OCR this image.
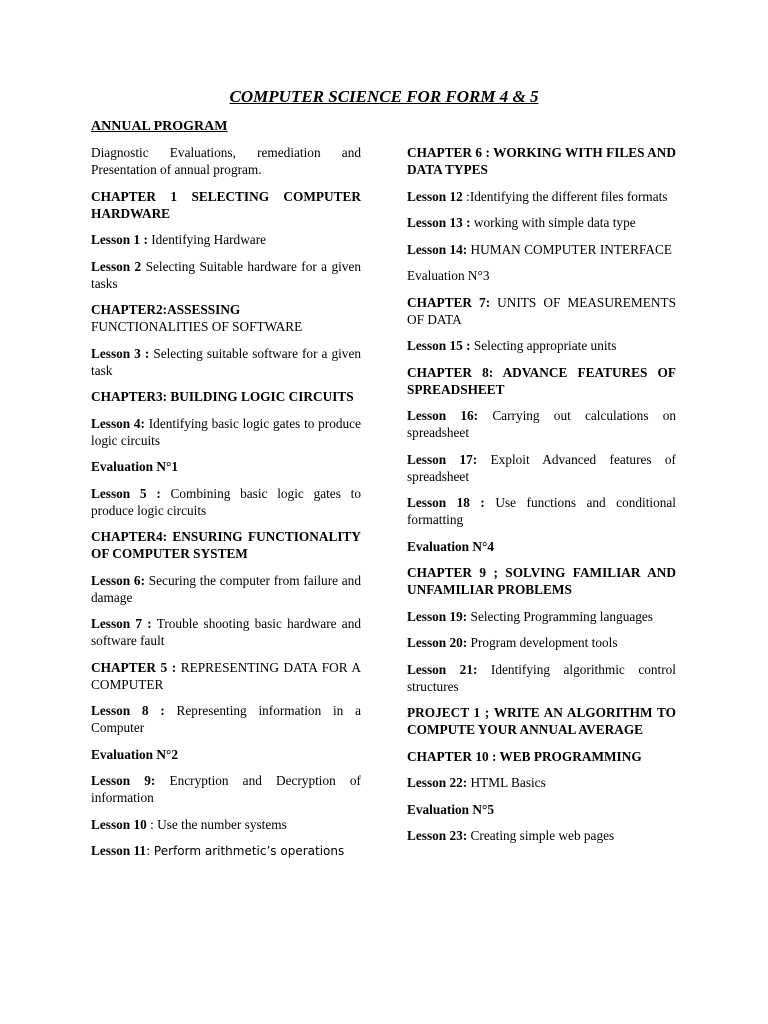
COMPUTER SCIENCE FOR FORM 4 & 5
ANNUAL PROGRAM

Diagnostic Evaluations, remediation and Presentation of annual program.

CHAPTER 1 SELECTING COMPUTER HARDWARE

Lesson 1 : Identifying Hardware

Lesson 2 Selecting Suitable hardware for a given tasks

CHAPTER2:ASSESSING FUNCTIONALITIES OF SOFTWARE

Lesson 3 : Selecting suitable software for a given task

CHAPTER3: BUILDING LOGIC CIRCUITS

Lesson 4: Identifying basic logic gates to produce logic circuits

Evaluation N°1

Lesson 5 : Combining basic logic gates to produce logic circuits

CHAPTER4: ENSURING FUNCTIONALITY OF COMPUTER SYSTEM

Lesson 6: Securing the computer from failure and damage

Lesson 7 : Trouble shooting basic hardware and software fault

CHAPTER 5 : REPRESENTING DATA FOR A COMPUTER

Lesson 8 : Representing information in a Computer

Evaluation N°2

Lesson 9: Encryption and Decryption of information

Lesson 10 : Use the number systems

Lesson 11: Perform arithmetic’s operations

CHAPTER 6 : WORKING WITH FILES AND DATA TYPES

Lesson 12 :Identifying the different files formats

Lesson 13 : working with simple data type

Lesson 14: HUMAN COMPUTER INTERFACE

Evaluation N°3

CHAPTER 7: UNITS OF MEASUREMENTS OF DATA

Lesson 15 : Selecting appropriate units

CHAPTER 8: ADVANCE FEATURES OF SPREADSHEET

Lesson 16: Carrying out calculations on spreadsheet

Lesson 17: Exploit Advanced features of spreadsheet

Lesson 18 : Use functions and conditional formatting

Evaluation N°4

CHAPTER 9 ; SOLVING FAMILIAR AND UNFAMILIAR PROBLEMS

Lesson 19: Selecting Programming languages

Lesson 20: Program development tools

Lesson 21: Identifying algorithmic control structures

PROJECT 1 ; WRITE AN ALGORITHM TO COMPUTE YOUR ANNUAL AVERAGE

CHAPTER 10 : WEB PROGRAMMING

Lesson 22: HTML Basics

Evaluation N°5

Lesson 23: Creating simple web pages
